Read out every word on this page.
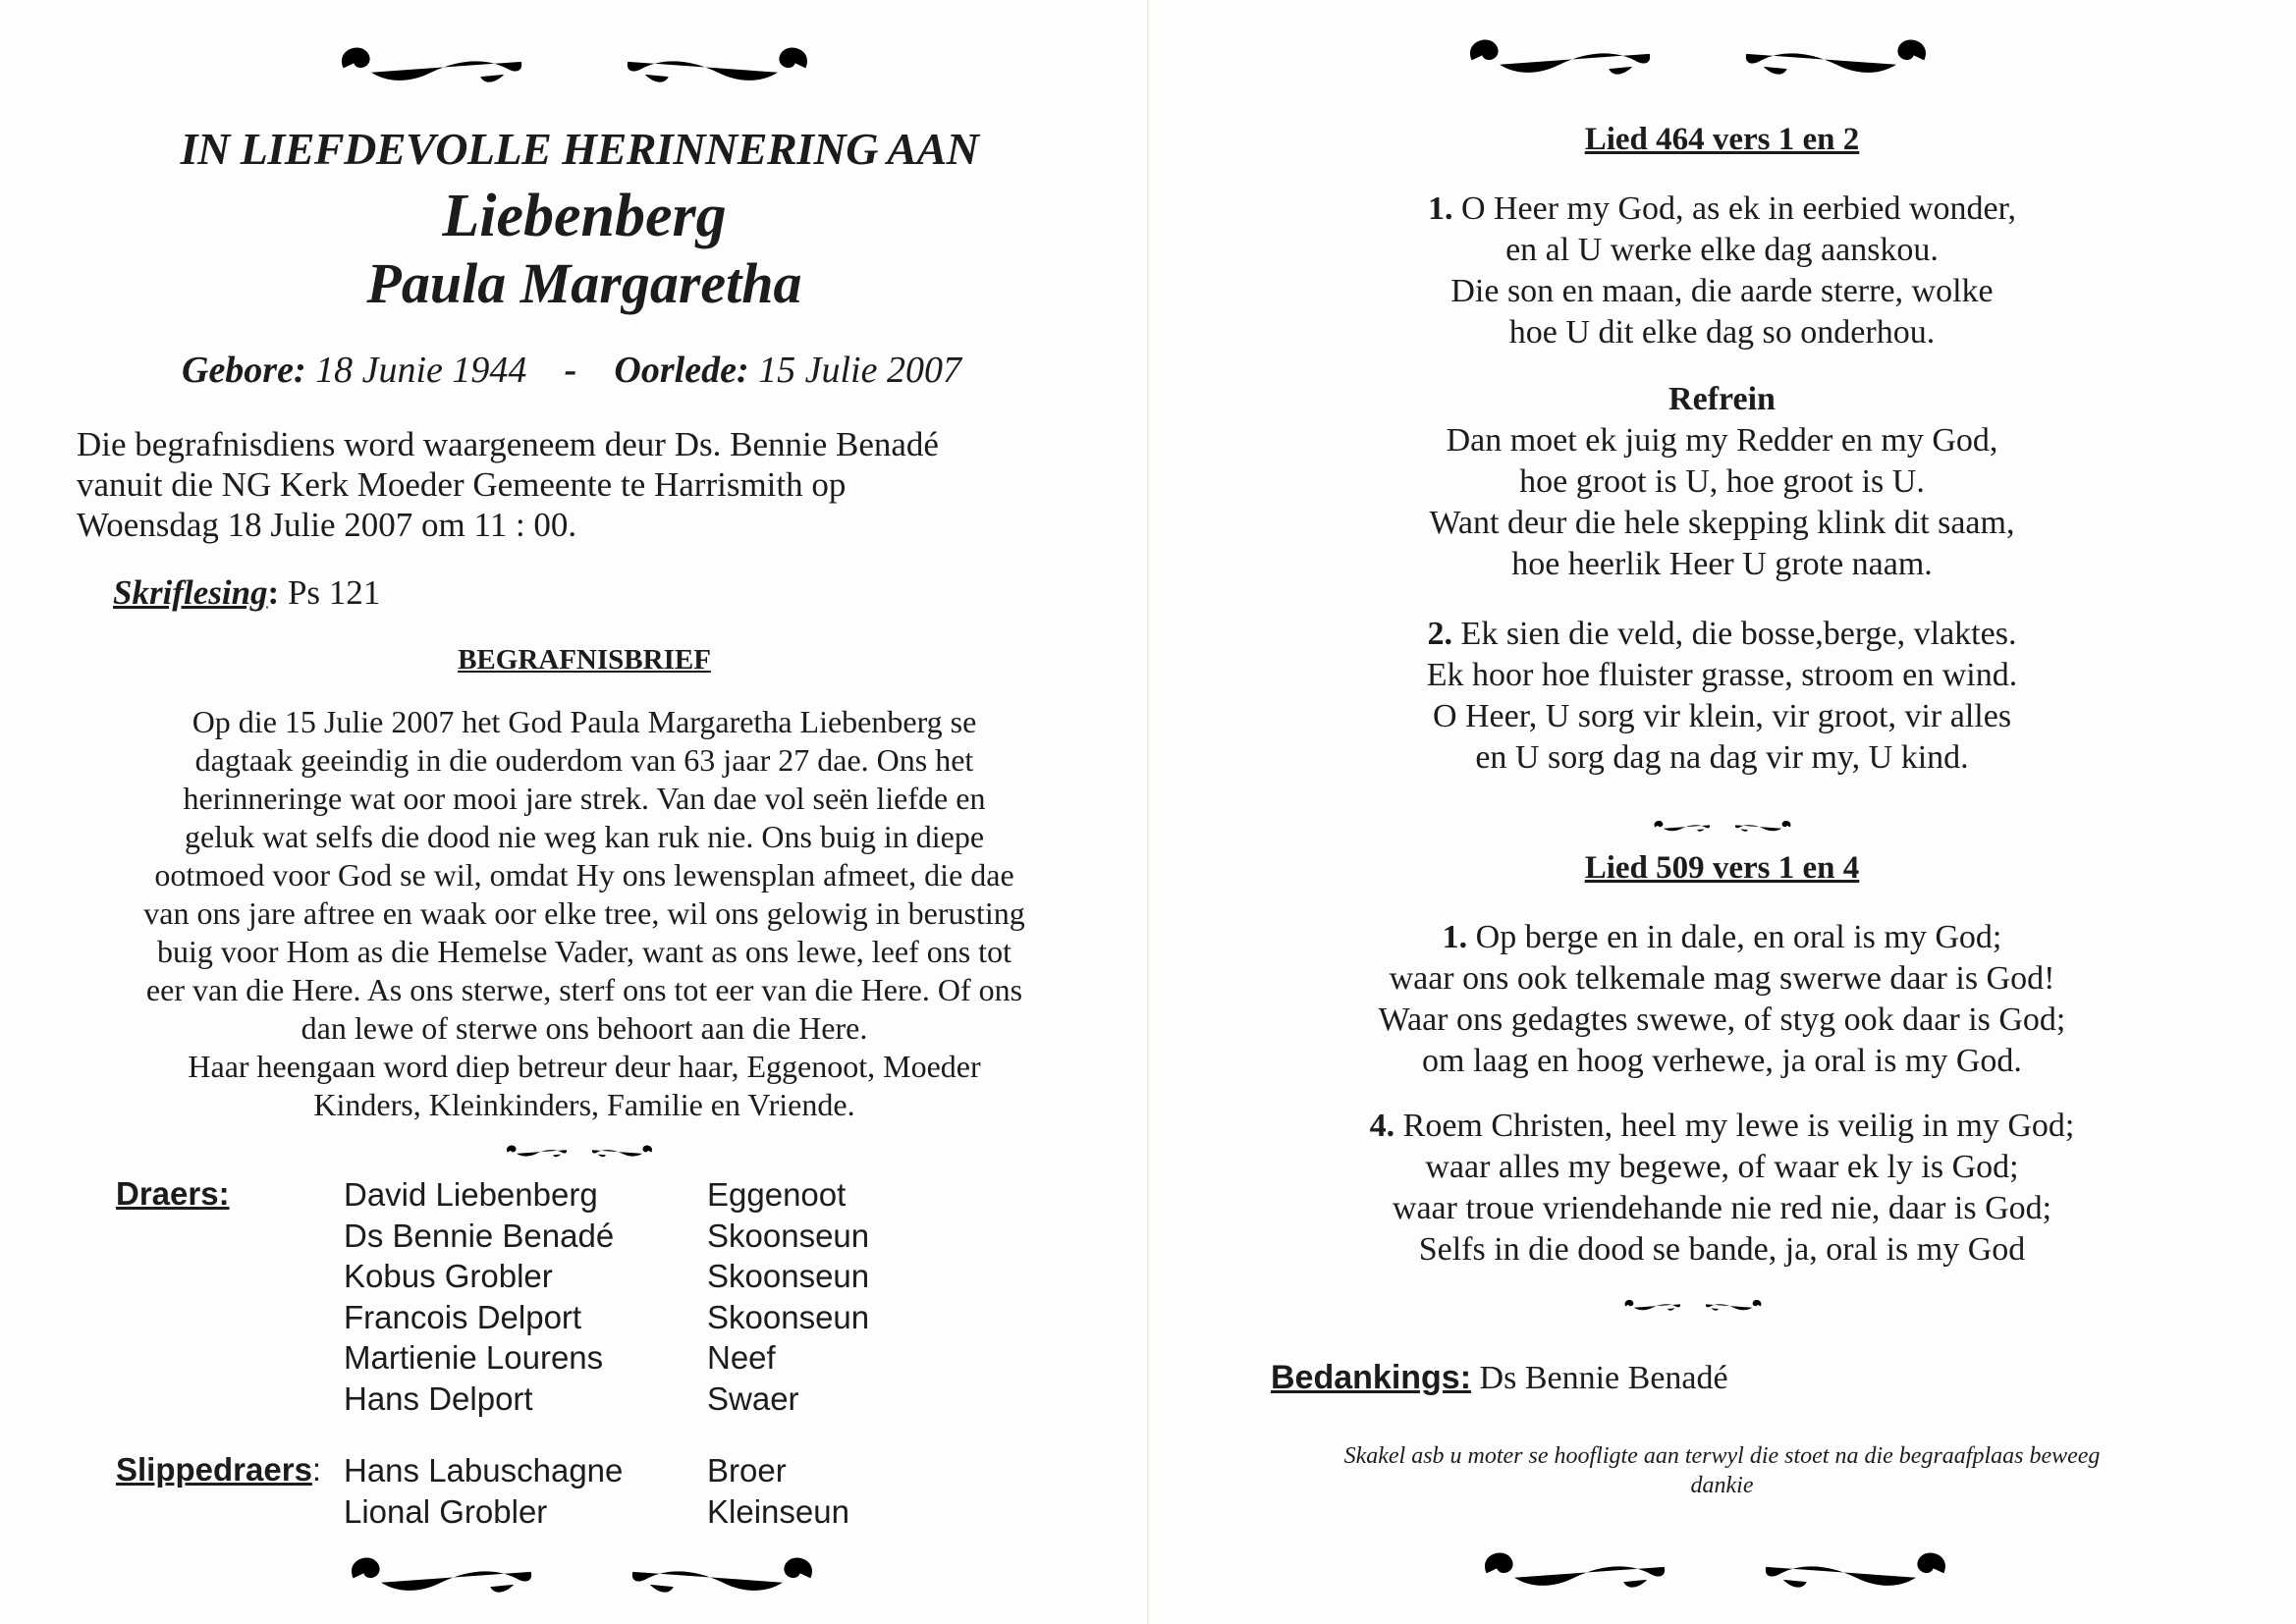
IN LIEFDEVOLLE HERINNERING AAN
Liebenberg
Paula Margaretha
Gebore: 18 Junie 1944 - Oorlede: 15 Julie 2007
Die begrafnisdiens word waargeneem deur Ds. Bennie Benadé
vanuit die NG Kerk Moeder Gemeente te Harrismith op
Woensdag 18 Julie 2007 om 11 : 00.
Skriflesing: Ps 121
BEGRAFNISBRIEF
Op die 15 Julie 2007 het God Paula Margaretha Liebenberg se
dagtaak geeindig in die ouderdom van 63 jaar 27 dae. Ons het
herinneringe wat oor mooi jare strek. Van dae vol seën liefde en
geluk wat selfs die dood nie weg kan ruk nie. Ons buig in diepe
ootmoed voor God se wil, omdat Hy ons lewensplan afmeet, die dae
van ons jare aftree en waak oor elke tree, wil ons gelowig in berusting
buig voor Hom as die Hemelse Vader, want as ons lewe, leef ons tot
eer van die Here. As ons sterwe, sterf ons tot eer van die Here. Of ons
dan lewe of sterwe ons behoort aan die Here.
Haar heengaan word diep betreur deur haar, Eggenoot, Moeder
Kinders, Kleinkinders, Familie en Vriende.
Draers:	David Liebenberg	Eggenoot
Ds Bennie Benadé	Skoonseun
Kobus Grobler	Skoonseun
Francois Delport	Skoonseun
Martienie Lourens	Neef
Hans Delport	Swaer
Slippedraers: Hans Labuschagne	Broer
Lional Grobler	Kleinseun
Lied 464 vers 1 en 2
1. O Heer my God, as ek in eerbied wonder,
en al U werke elke dag aanskou.
Die son en maan, die aarde sterre, wolke
hoe U dit elke dag so onderhou.
Refrein
Dan moet ek juig my Redder en my God,
hoe groot is U, hoe groot is U.
Want deur die hele skepping klink dit saam,
hoe heerlik Heer U grote naam.
2. Ek sien die veld, die bosse,berge, vlaktes.
Ek hoor hoe fluister grasse, stroom en wind.
O Heer, U sorg vir klein, vir groot, vir alles
en U sorg dag na dag vir my, U kind.
Lied 509 vers 1 en 4
1. Op berge en in dale, en oral is my God;
waar ons ook telkemale mag swerwe daar is God!
Waar ons gedagtes swewe, of styg ook daar is God;
om laag en hoog verhewe, ja oral is my God.
4. Roem Christen, heel my lewe is veilig in my God;
waar alles my begewe, of waar ek ly is God;
waar troue vriendehande nie red nie, daar is God;
Selfs in die dood se bande, ja, oral is my God
Bedankings: Ds Bennie Benadé
Skakel asb u moter se hoofligte aan terwyl die stoet na die begraafplaas beweeg
dankie
